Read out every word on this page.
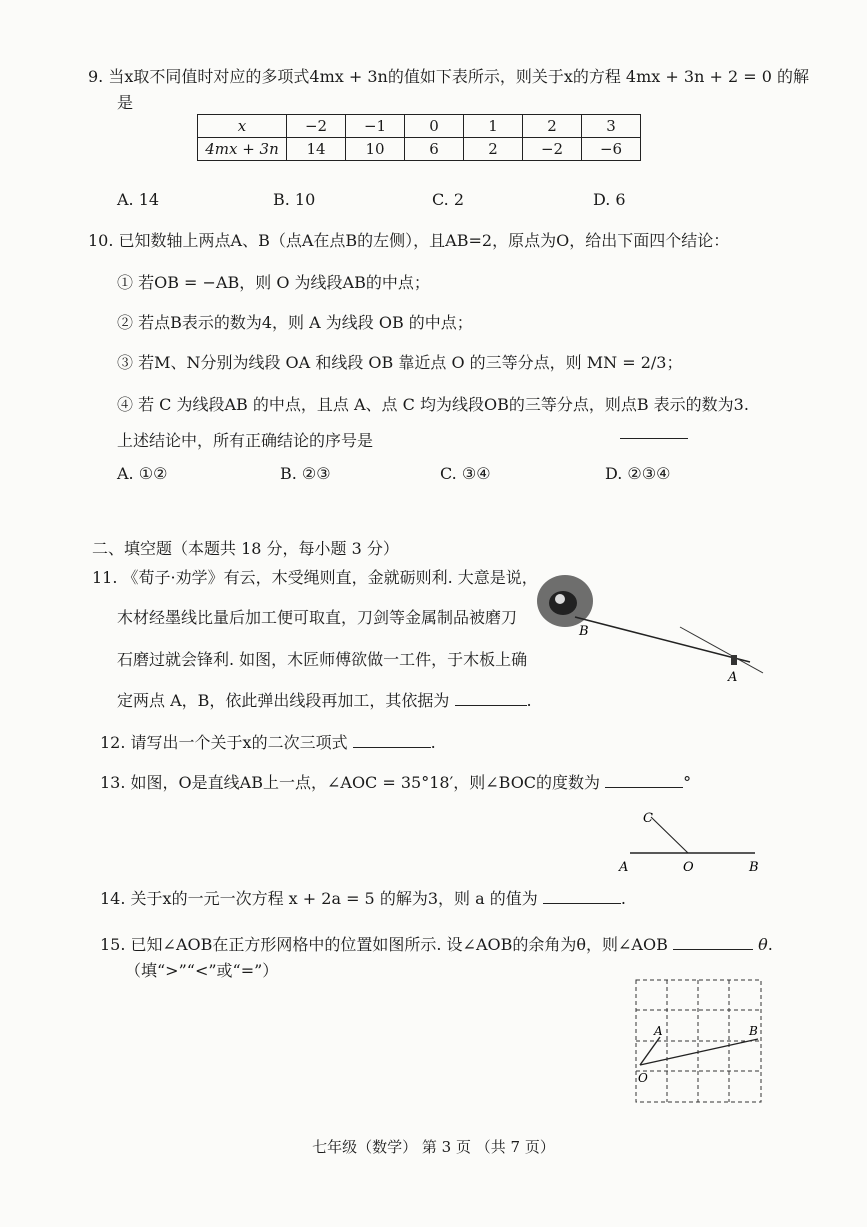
9. 当x取不同值时对应的多项式4mx + 3n的值如下表所示，则关于x的方程 4mx + 3n + 2 = 0 的解
是
x	−2	−1	0	1	2	3
4mx + 3n	14	10	6	2	−2	−6
A. 14	B. 10	C. 2	D. 6
10. 已知数轴上两点A、B（点A在点B的左侧），且AB=2，原点为O，给出下面四个结论：
① 若OB = −AB，则 O 为线段AB的中点；
② 若点B表示的数为4，则 A 为线段 OB 的中点；
③ 若M、N分别为线段 OA 和线段 OB 靠近点 O 的三等分点，则 MN = 2/3；
④ 若 C 为线段AB 的中点，且点 A、点 C 均为线段OB的三等分点，则点B 表示的数为3.
上述结论中，所有正确结论的序号是
A. ①②	B. ②③	C. ③④	D. ②③④
二、填空题（本题共 18 分，每小题 3 分）
11. 《荀子·劝学》有云，木受绳则直，金就砺则利. 大意是说，
木材经墨线比量后加工便可取直，刀剑等金属制品被磨刀
石磨过就会锋利. 如图，木匠师傅欲做一工件，于木板上确
定两点 A，B，依此弹出线段再加工，其依据为	.
B
A
12. 请写出一个关于x的二次三项式	.
13. 如图，O是直线AB上一点，∠AOC = 35°18′，则∠BOC的度数为	°
C
A	O	B
14. 关于x的一元一次方程 x + 2a = 5 的解为3，则 a 的值为	.
15. 已知∠AOB在正方形网格中的位置如图所示. 设∠AOB的余角为θ，则∠AOB	θ.
（填“>”“<”或“=”）
A
O
B
七年级（数学） 第 3 页 （共 7 页）
